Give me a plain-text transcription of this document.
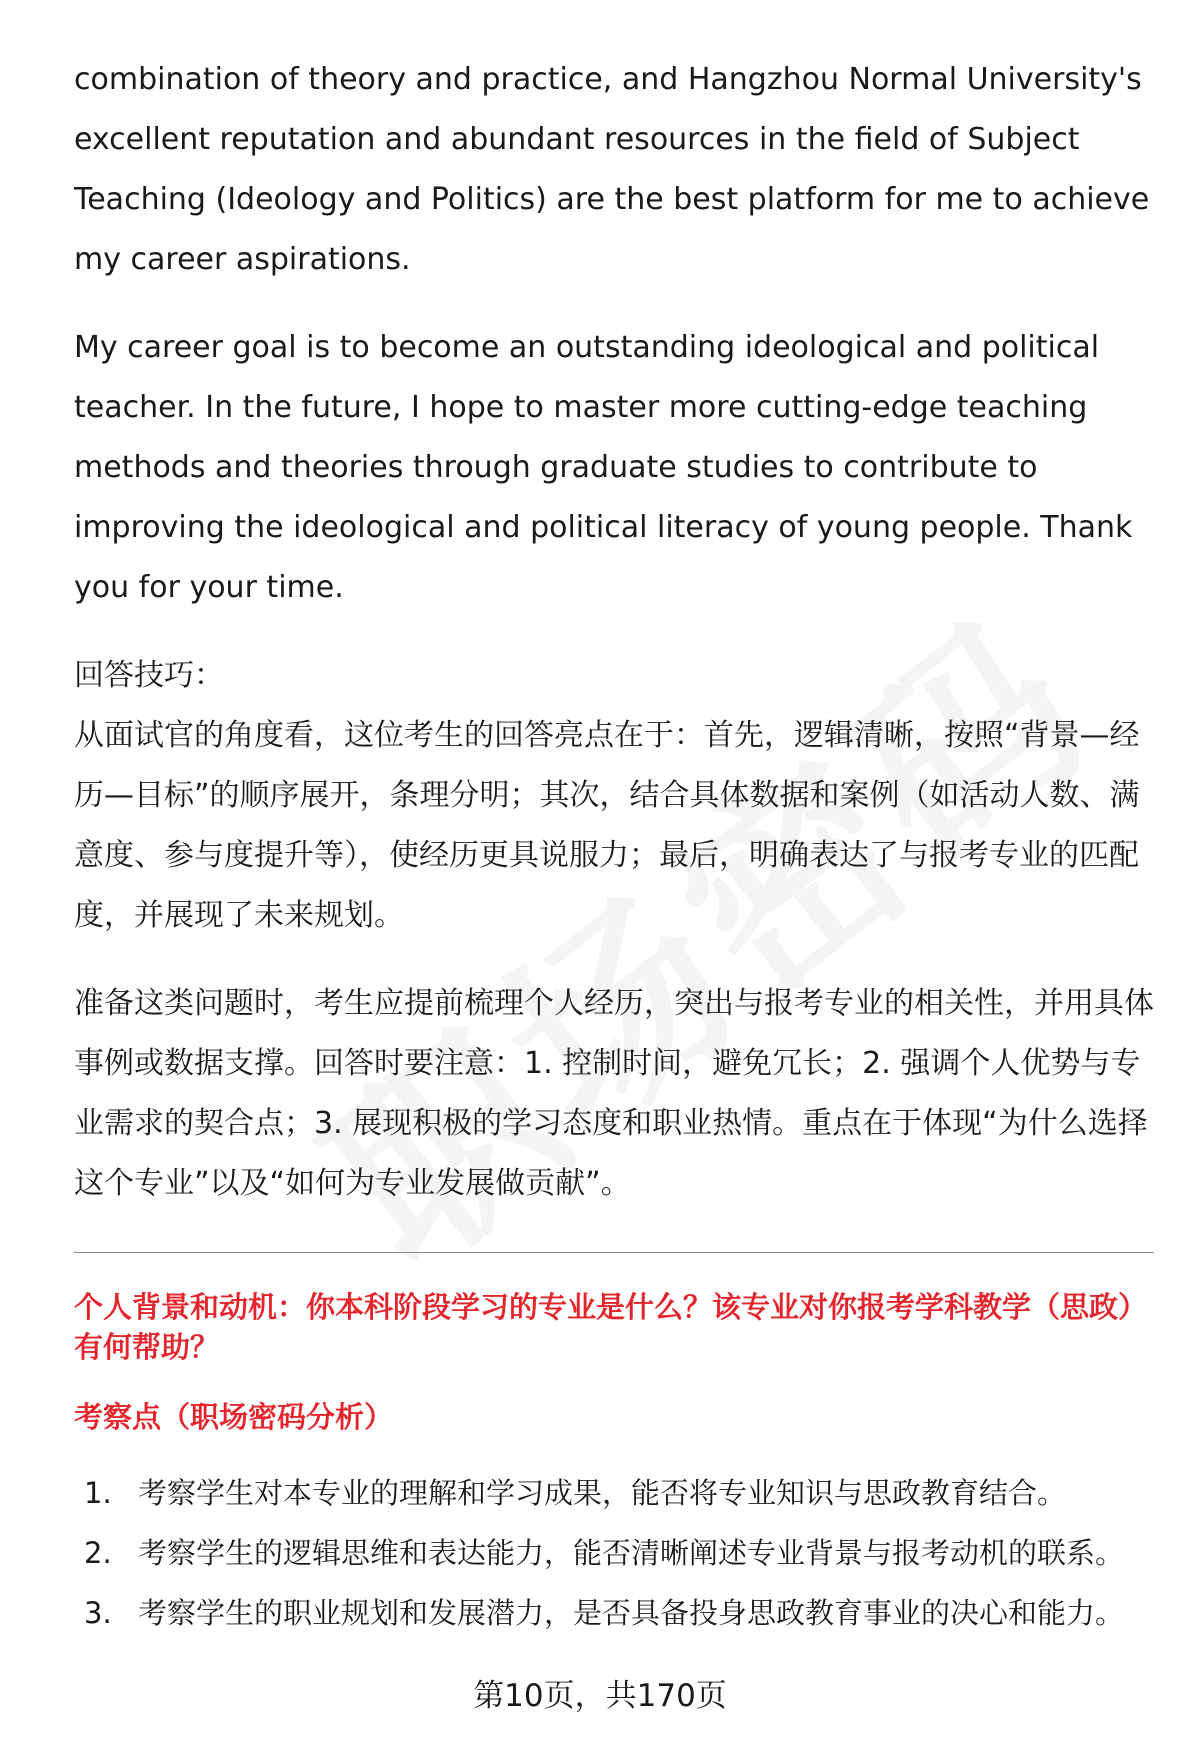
combination of theory and practice, and Hangzhou Normal University's excellent reputation and abundant resources in the field of Subject Teaching (Ideology and Politics) are the best platform for me to achieve my career aspirations.

My career goal is to become an outstanding ideological and political teacher. In the future, I hope to master more cutting-edge teaching methods and theories through graduate studies to contribute to improving the ideological and political literacy of young people. Thank you for your time.

回答技巧：

从面试官的角度看，这位考生的回答亮点在于：首先，逻辑清晰，按照“背景—经历—目标”的顺序展开，条理分明；其次，结合具体数据和案例（如活动人数、满意度、参与度提升等），使经历更具说服力；最后，明确表达了与报考专业的匹配度，并展现了未来规划。

准备这类问题时，考生应提前梳理个人经历，突出与报考专业的相关性，并用具体事例或数据支撑。回答时要注意：1. 控制时间，避免冗长；2. 强调个人优势与专业需求的契合点；3. 展现积极的学习态度和职业热情。重点在于体现“为什么选择这个专业”以及“如何为专业发展做贡献”。

个人背景和动机：你本科阶段学习的专业是什么？该专业对你报考学科教学（思政）有何帮助？

考察点（职场密码分析）

1. 考察学生对本专业的理解和学习成果，能否将专业知识与思政教育结合。
2. 考察学生的逻辑思维和表达能力，能否清晰阐述专业背景与报考动机的联系。
3. 考察学生的职业规划和发展潜力，是否具备投身思政教育事业的决心和能力。
第10页，共170页
